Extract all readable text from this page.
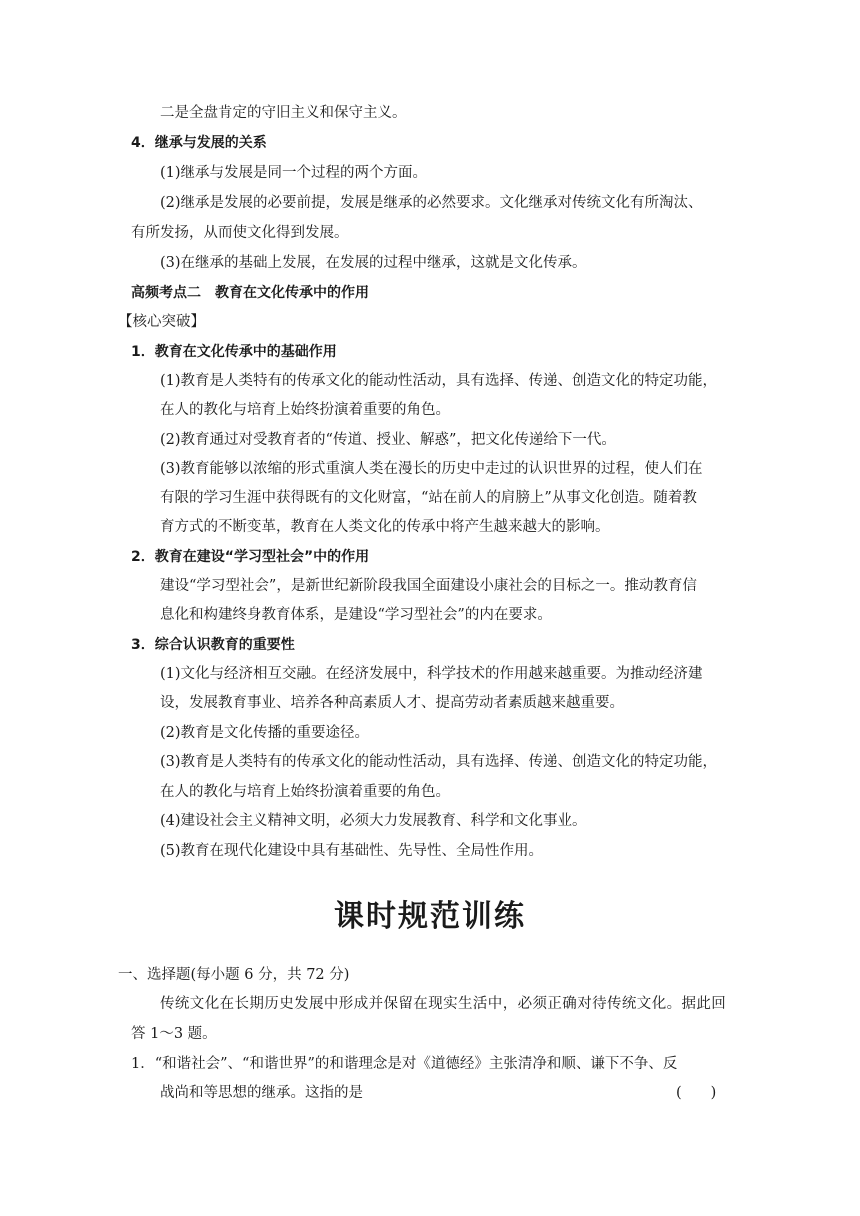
二是全盘肯定的守旧主义和保守主义。
4．继承与发展的关系
(1)继承与发展是同一个过程的两个方面。
(2)继承是发展的必要前提，发展是继承的必然要求。文化继承对传统文化有所淘汰、
有所发扬，从而使文化得到发展。
(3)在继承的基础上发展，在发展的过程中继承，这就是文化传承。
高频考点二　教育在文化传承中的作用
【核心突破】
1．教育在文化传承中的基础作用
(1)教育是人类特有的传承文化的能动性活动，具有选择、传递、创造文化的特定功能，
在人的教化与培育上始终扮演着重要的角色。
(2)教育通过对受教育者的“传道、授业、解惑”，把文化传递给下一代。
(3)教育能够以浓缩的形式重演人类在漫长的历史中走过的认识世界的过程，使人们在
有限的学习生涯中获得既有的文化财富，“站在前人的肩膀上”从事文化创造。随着教
育方式的不断变革，教育在人类文化的传承中将产生越来越大的影响。
2．教育在建设“学习型社会”中的作用
建设“学习型社会”，是新世纪新阶段我国全面建设小康社会的目标之一。推动教育信
息化和构建终身教育体系，是建设“学习型社会”的内在要求。
3．综合认识教育的重要性
(1)文化与经济相互交融。在经济发展中，科学技术的作用越来越重要。为推动经济建
设，发展教育事业、培养各种高素质人才、提高劳动者素质越来越重要。
(2)教育是文化传播的重要途径。
(3)教育是人类特有的传承文化的能动性活动，具有选择、传递、创造文化的特定功能，
在人的教化与培育上始终扮演着重要的角色。
(4)建设社会主义精神文明，必须大力发展教育、科学和文化事业。
(5)教育在现代化建设中具有基础性、先导性、全局性作用。
课时规范训练
一、选择题(每小题 6 分，共 72 分)
传统文化在长期历史发展中形成并保留在现实生活中，必须正确对待传统文化。据此回
答 1～3 题。
1．“和谐社会”、“和谐世界”的和谐理念是对《道德经》主张清净和顺、谦下不争、反
战尚和等思想的继承。这指的是	(　　)
